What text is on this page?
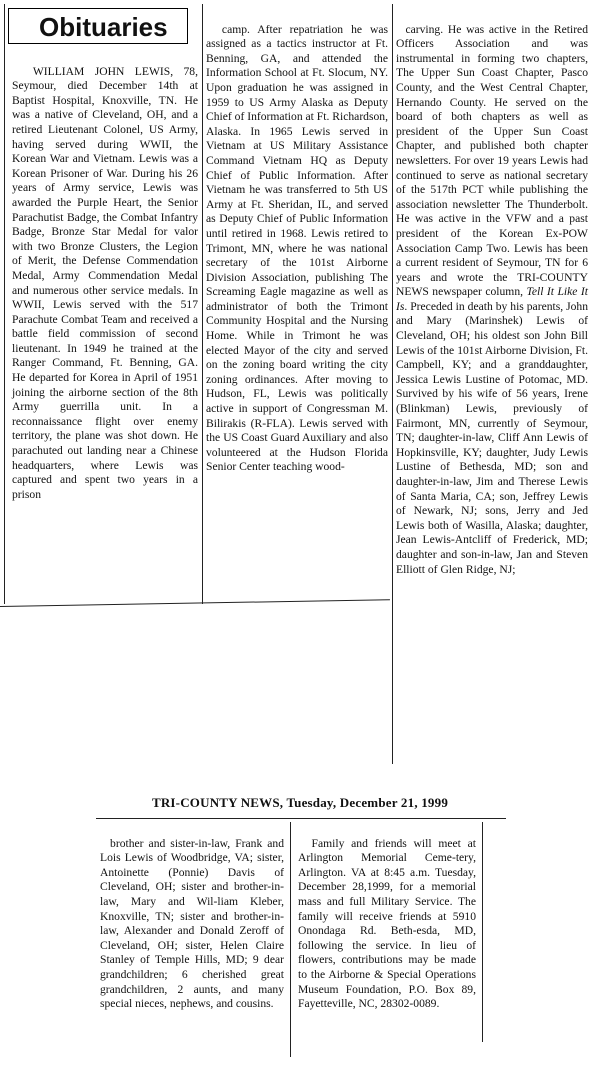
Obituaries

WILLIAM JOHN LEWIS, 78, Seymour, died December 14th at Baptist Hospital, Knoxville, TN. He was a native of Cleveland, OH, and a retired Lieutenant Colonel, US Army, having served during WWII, the Korean War and Vietnam. Lewis was a Korean Prisoner of War. During his 26 years of Army service, Lewis was awarded the Purple Heart, the Senior Parachutist Badge, the Combat Infantry Badge, Bronze Star Medal for valor with two Bronze Clusters, the Legion of Merit, the Defense Commendation Medal, Army Commendation Medal and numerous other service medals. In WWII, Lewis served with the 517 Parachute Combat Team and received a battle field commission of second lieutenant. In 1949 he trained at the Ranger Command, Ft. Benning, GA. He departed for Korea in April of 1951 joining the airborne section of the 8th Army guerrilla unit. In a reconnaissance flight over enemy territory, the plane was shot down. He parachuted out landing near a Chinese headquarters, where Lewis was captured and spent two years in a prison

camp. After repatriation he was assigned as a tactics instructor at Ft. Benning, GA, and attended the Information School at Ft. Slocum, NY. Upon graduation he was assigned in 1959 to US Army Alaska as Deputy Chief of Information at Ft. Richardson, Alaska. In 1965 Lewis served in Vietnam at US Military Assistance Command Vietnam HQ as Deputy Chief of Public Information. After Vietnam he was transferred to 5th US Army at Ft. Sheridan, IL, and served as Deputy Chief of Public Information until retired in 1968. Lewis retired to Trimont, MN, where he was national secretary of the 101st Airborne Division Association, publishing The Screaming Eagle magazine as well as administrator of both the Trimont Community Hospital and the Nursing Home. While in Trimont he was elected Mayor of the city and served on the zoning board writing the city zoning ordinances. After moving to Hudson, FL, Lewis was politically active in support of Congressman M. Bilirakis (R-FLA). Lewis served with the US Coast Guard Auxiliary and also volunteered at the Hudson Florida Senior Center teaching wood-

carving. He was active in the Retired Officers Association and was instrumental in forming two chapters, The Upper Sun Coast Chapter, Pasco County, and the West Central Chapter, Hernando County. He served on the board of both chapters as well as president of the Upper Sun Coast Chapter, and published both chapter newsletters. For over 19 years Lewis had continued to serve as national secretary of the 517th PCT while publishing the association newsletter The Thunderbolt. He was active in the VFW and a past president of the Korean Ex-POW Association Camp Two. Lewis has been a current resident of Seymour, TN for 6 years and wrote the TRI-COUNTY NEWS newspaper column, Tell It Like It Is. Preceded in death by his parents, John and Mary (Marinshek) Lewis of Cleveland, OH; his oldest son John Bill Lewis of the 101st Airborne Division, Ft. Campbell, KY; and a granddaughter, Jessica Lewis Lustine of Potomac, MD. Survived by his wife of 56 years, Irene (Blinkman) Lewis, previously of Fairmont, MN, currently of Seymour, TN; daughter-in-law, Cliff Ann Lewis of Hopkinsville, KY; daughter, Judy Lewis Lustine of Bethesda, MD; son and daughter-in-law, Jim and Therese Lewis of Santa Maria, CA; son, Jeffrey Lewis of Newark, NJ; sons, Jerry and Jed Lewis both of Wasilla, Alaska; daughter, Jean Lewis-Antcliff of Frederick, MD; daughter and son-in-law, Jan and Steven Elliott of Glen Ridge, NJ;

TRI-COUNTY NEWS, Tuesday, December 21, 1999

brother and sister-in-law, Frank and Lois Lewis of Woodbridge, VA; sister, Antoinette (Ponnie) Davis of Cleveland, OH; sister and brother-in-law, Mary and Wil-liam Kleber, Knoxville, TN; sister and brother-in-law, Alexander and Donald Zeroff of Cleveland, OH; sister, Helen Claire Stanley of Temple Hills, MD; 9 dear grandchildren; 6 cherished great grandchildren, 2 aunts, and many special nieces, nephews, and cousins.

Family and friends will meet at Arlington Memorial Ceme-tery, Arlington. VA at 8:45 a.m. Tuesday, December 28,1999, for a memorial mass and full Military Service. The family will receive friends at 5910 Onondaga Rd. Beth-esda, MD, following the service. In lieu of flowers, contributions may be made to the Airborne & Special Operations Museum Foundation, P.O. Box 89, Fayetteville, NC, 28302-0089.
